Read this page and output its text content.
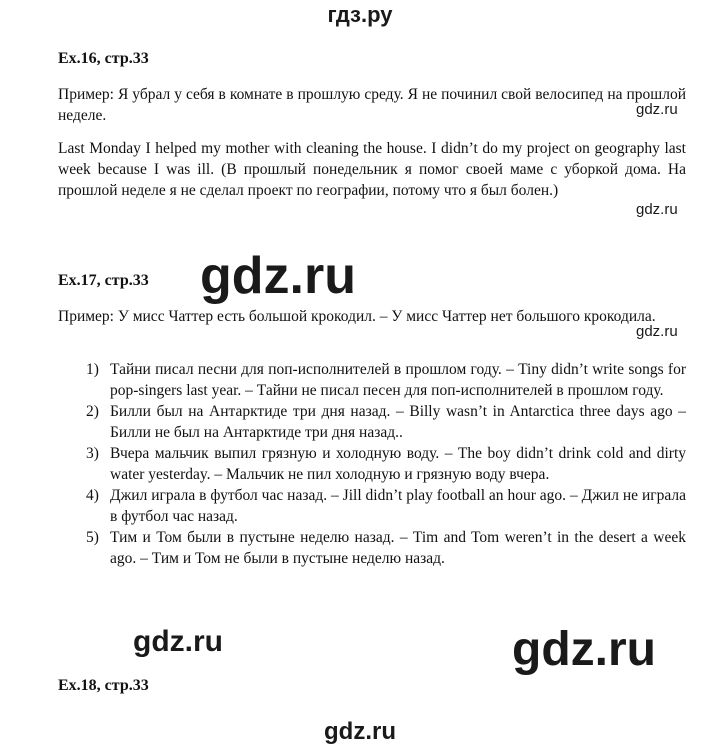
гдз.ру
Ex.16, стр.33
Пример: Я убрал у себя в комнате в прошлую среду. Я не починил свой велосипед на прошлой неделе.
Last Monday I helped my mother with cleaning the house. I didn’t do my project on geography last week because I was ill. (В прошлый понедельник я помог своей маме с уборкой дома. На прошлой неделе я не сделал проект по географии, потому что я был болен.)
Ex.17, стр.33
Пример: У мисс Чаттер есть большой крокодил. – У мисс Чаттер нет большого крокодила.
1) Тайни писал песни для поп-исполнителей в прошлом году. – Tiny didn’t write songs for pop-singers last year. – Тайни не писал песен для поп-исполнителей в прошлом году.
2) Билли был на Антарктиде три дня назад. – Billy wasn’t in Antarctica three days ago – Билли не был на Антарктиде три дня назад..
3) Вчера мальчик выпил грязную и холодную воду. – The boy didn’t drink cold and dirty water yesterday. – Мальчик не пил холодную и грязную воду вчера.
4) Джил играла в футбол час назад. – Jill didn’t play football an hour ago. – Джил не играла в футбол час назад.
5) Тим и Том были в пустыне неделю назад. – Tim and Tom weren’t in the desert a week ago. – Тим и Том не были в пустыне неделю назад.
Ex.18, стр.33
gdz.ru
gdz.ru
gdz.ru
gdz.ru
gdz.ru	gdz.ru
gdz.ru
